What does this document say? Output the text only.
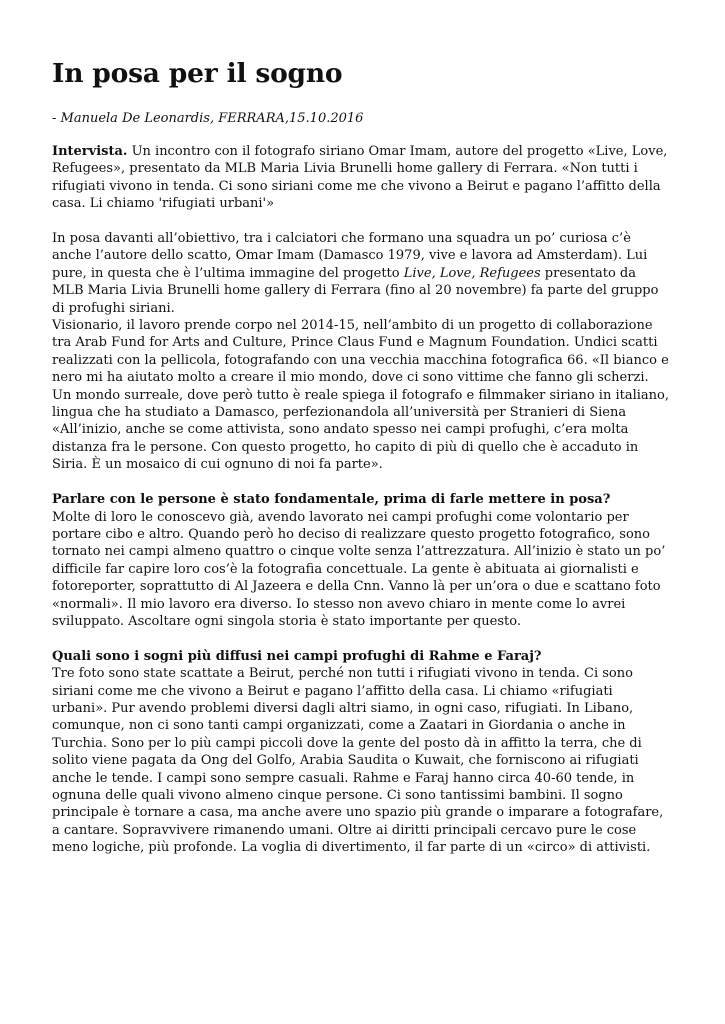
In posa per il sogno

- Manuela De Leonardis, FERRARA,15.10.2016

Intervista. Un incontro con il fotografo siriano Omar Imam, autore del progetto «Live, Love, Refugees», presentato da MLB Maria Livia Brunelli home gallery di Ferrara. «Non tutti i rifugiati vivono in tenda. Ci sono siriani come me che vivono a Beirut e pagano l’affitto della casa. Li chiamo 'rifugiati urbani'»

In posa davanti all’obiettivo, tra i calciatori che formano una squadra un po’ curiosa c’è anche l’autore dello scatto, Omar Imam (Damasco 1979, vive e lavora ad Amsterdam). Lui pure, in questa che è l’ultima immagine del progetto Live, Love, Refugees presentato da MLB Maria Livia Brunelli home gallery di Ferrara (fino al 20 novembre) fa parte del gruppo di profughi siriani.

Visionario, il lavoro prende corpo nel 2014-15, nell’ambito di un progetto di collaborazione tra Arab Fund for Arts and Culture, Prince Claus Fund e Magnum Foundation. Undici scatti realizzati con la pellicola, fotografando con una vecchia macchina fotografica 66. «Il bianco e nero mi ha aiutato molto a creare il mio mondo, dove ci sono vittime che fanno gli scherzi. Un mondo surreale, dove però tutto è reale spiega il fotografo e filmmaker siriano in italiano, lingua che ha studiato a Damasco, perfezionandola all’università per Stranieri di Siena «All’inizio, anche se come attivista, sono andato spesso nei campi profughi, c’era molta distanza fra le persone. Con questo progetto, ho capito di più di quello che è accaduto in Siria. È un mosaico di cui ognuno di noi fa parte».

Parlare con le persone è stato fondamentale, prima di farle mettere in posa?

Molte di loro le conoscevo già, avendo lavorato nei campi profughi come volontario per portare cibo e altro. Quando però ho deciso di realizzare questo progetto fotografico, sono tornato nei campi almeno quattro o cinque volte senza l’attrezzatura. All’inizio è stato un po’ difficile far capire loro cos’è la fotografia concettuale. La gente è abituata ai giornalisti e fotoreporter, soprattutto di Al Jazeera e della Cnn. Vanno là per un’ora o due e scattano foto «normali». Il mio lavoro era diverso. Io stesso non avevo chiaro in mente come lo avrei sviluppato. Ascoltare ogni singola storia è stato importante per questo.

Quali sono i sogni più diffusi nei campi profughi di Rahme e Faraj?

Tre foto sono state scattate a Beirut, perché non tutti i rifugiati vivono in tenda. Ci sono siriani come me che vivono a Beirut e pagano l’affitto della casa. Li chiamo «rifugiati urbani». Pur avendo problemi diversi dagli altri siamo, in ogni caso, rifugiati. In Libano, comunque, non ci sono tanti campi organizzati, come a Zaatari in Giordania o anche in Turchia. Sono per lo più campi piccoli dove la gente del posto dà in affitto la terra, che di solito viene pagata da Ong del Golfo, Arabia Saudita o Kuwait, che forniscono ai rifugiati anche le tende. I campi sono sempre casuali. Rahme e Faraj hanno circa 40-60 tende, in ognuna delle quali vivono almeno cinque persone. Ci sono tantissimi bambini. Il sogno principale è tornare a casa, ma anche avere uno spazio più grande o imparare a fotografare, a cantare. Sopravvivere rimanendo umani. Oltre ai diritti principali cercavo pure le cose meno logiche, più profonde. La voglia di divertimento, il far parte di un «circo» di attivisti.
